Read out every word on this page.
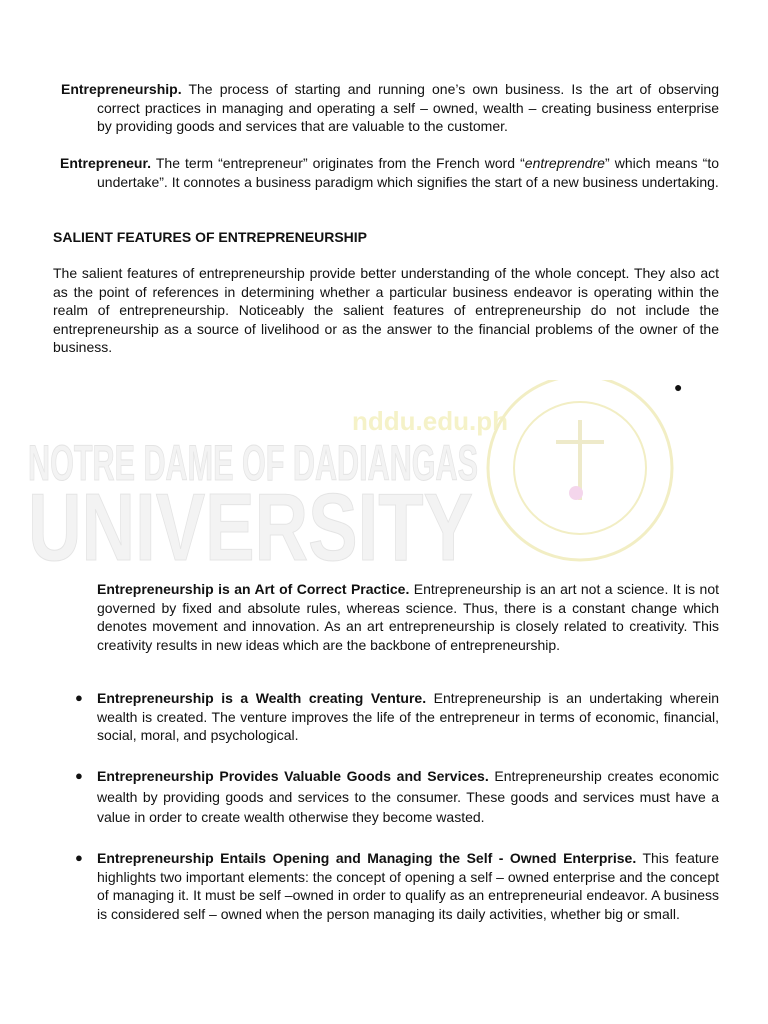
nddu.edu.ph
NOTRE DAME OF DADIANGAS
UNIVERSITY
Entrepreneurship. The process of starting and running one’s own business. Is the art of observing correct practices in managing and operating a self – owned, wealth – creating business enterprise by providing goods and services that are valuable to the customer.
Entrepreneur. The term “entrepreneur” originates from the French word “entreprendre” which means “to undertake”. It connotes a business paradigm which signifies the start of a new business undertaking.
SALIENT FEATURES OF ENTREPRENEURSHIP
The salient features of entrepreneurship provide better understanding of the whole concept. They also act as the point of references in determining whether a particular business endeavor is operating within the realm of entrepreneurship. Noticeably the salient features of entrepreneurship do not include the entrepreneurship as a source of livelihood or as the answer to the financial problems of the owner of the business.
●
Entrepreneurship is an Art of Correct Practice. Entrepreneurship is an art not a science. It is not governed by fixed and absolute rules, whereas science. Thus, there is a constant change which denotes movement and innovation. As an art entrepreneurship is closely related to creativity. This creativity results in new ideas which are the backbone of entrepreneurship.
● Entrepreneurship is a Wealth creating Venture. Entrepreneurship is an undertaking wherein wealth is created. The venture improves the life of the entrepreneur in terms of economic, financial, social, moral, and psychological.
● Entrepreneurship Provides Valuable Goods and Services. Entrepreneurship creates economic wealth by providing goods and services to the consumer. These goods and services must have a value in order to create wealth otherwise they become wasted.
● Entrepreneurship Entails Opening and Managing the Self - Owned Enterprise. This feature highlights two important elements: the concept of opening a self – owned enterprise and the concept of managing it. It must be self –owned in order to qualify as an entrepreneurial endeavor. A business is considered self – owned when the person managing its daily activities, whether big or small.
